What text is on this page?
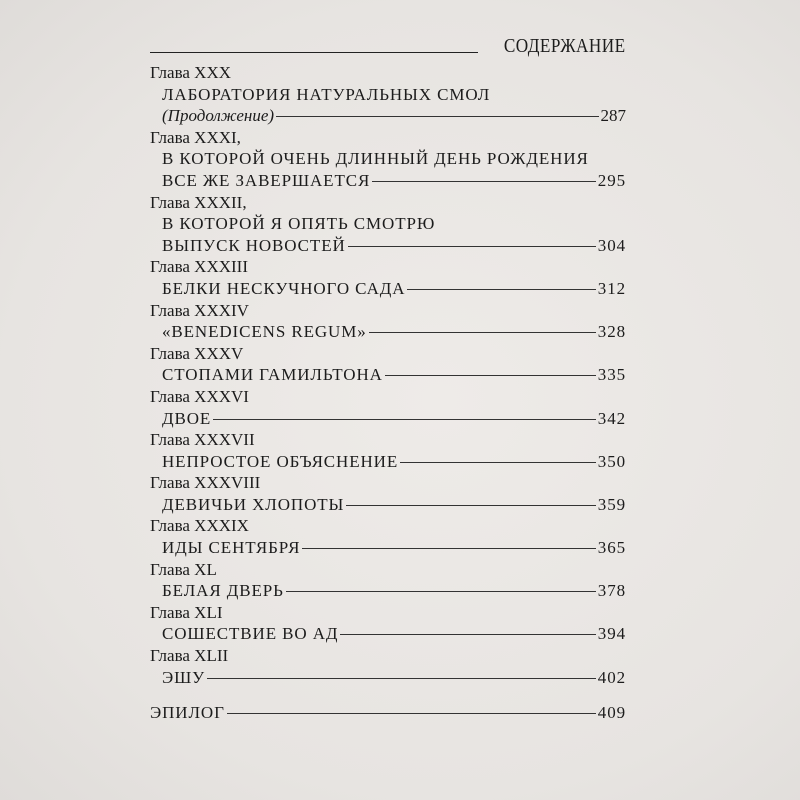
СОДЕРЖАНИЕ
Глава XXX
ЛАБОРАТОРИЯ НАТУРАЛЬНЫХ СМОЛ
(Продолжение)	287
Глава XXXI,
В КОТОРОЙ ОЧЕНЬ ДЛИННЫЙ ДЕНЬ РОЖДЕНИЯ
ВСЕ ЖЕ ЗАВЕРШАЕТСЯ	295
Глава XXXII,
В КОТОРОЙ Я ОПЯТЬ СМОТРЮ
ВЫПУСК НОВОСТЕЙ	304
Глава XXXIII
БЕЛКИ НЕСКУЧНОГО САДА	312
Глава XXXIV
«BENEDICENS REGUM»	328
Глава XXXV
СТОПАМИ ГАМИЛЬТОНА	335
Глава XXXVI
ДВОЕ	342
Глава XXXVII
НЕПРОСТОЕ ОБЪЯСНЕНИЕ	350
Глава XXXVIII
ДЕВИЧЬИ ХЛОПОТЫ	359
Глава XXXIX
ИДЫ СЕНТЯБРЯ	365
Глава XL
БЕЛАЯ ДВЕРЬ	378
Глава XLI
СОШЕСТВИЕ ВО АД	394
Глава XLII
ЭШУ	402
ЭПИЛОГ	409
